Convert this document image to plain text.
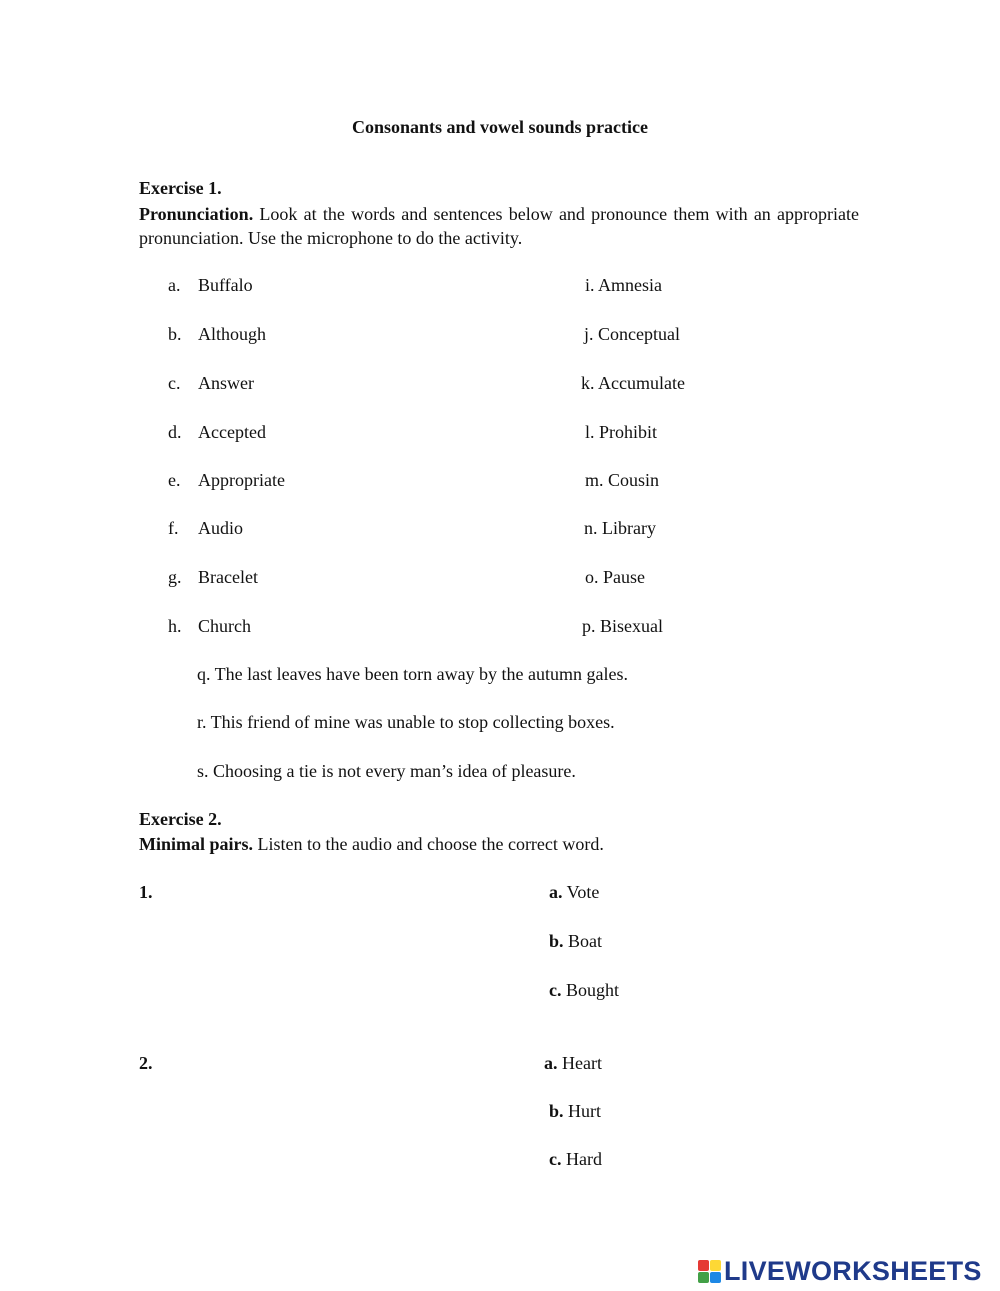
Consonants and vowel sounds practice
Exercise 1.
Pronunciation. Look at the words and sentences below and pronounce them with an appropriate pronunciation. Use the microphone to do the activity.
a. Buffalo
b. Although
c. Answer
d. Accepted
e. Appropriate
f. Audio
g. Bracelet
h. Church
i. Amnesia
j. Conceptual
k. Accumulate
l. Prohibit
m. Cousin
n. Library
o. Pause
p. Bisexual
q. The last leaves have been torn away by the autumn gales.
r. This friend of mine was unable to stop collecting boxes.
s. Choosing a tie is not every man’s idea of pleasure.
Exercise 2.
Minimal pairs. Listen to the audio and choose the correct word.
1.	a. Vote
b. Boat
c. Bought
2.	a. Heart
b. Hurt
c. Hard
LIVEWORKSHEETS
